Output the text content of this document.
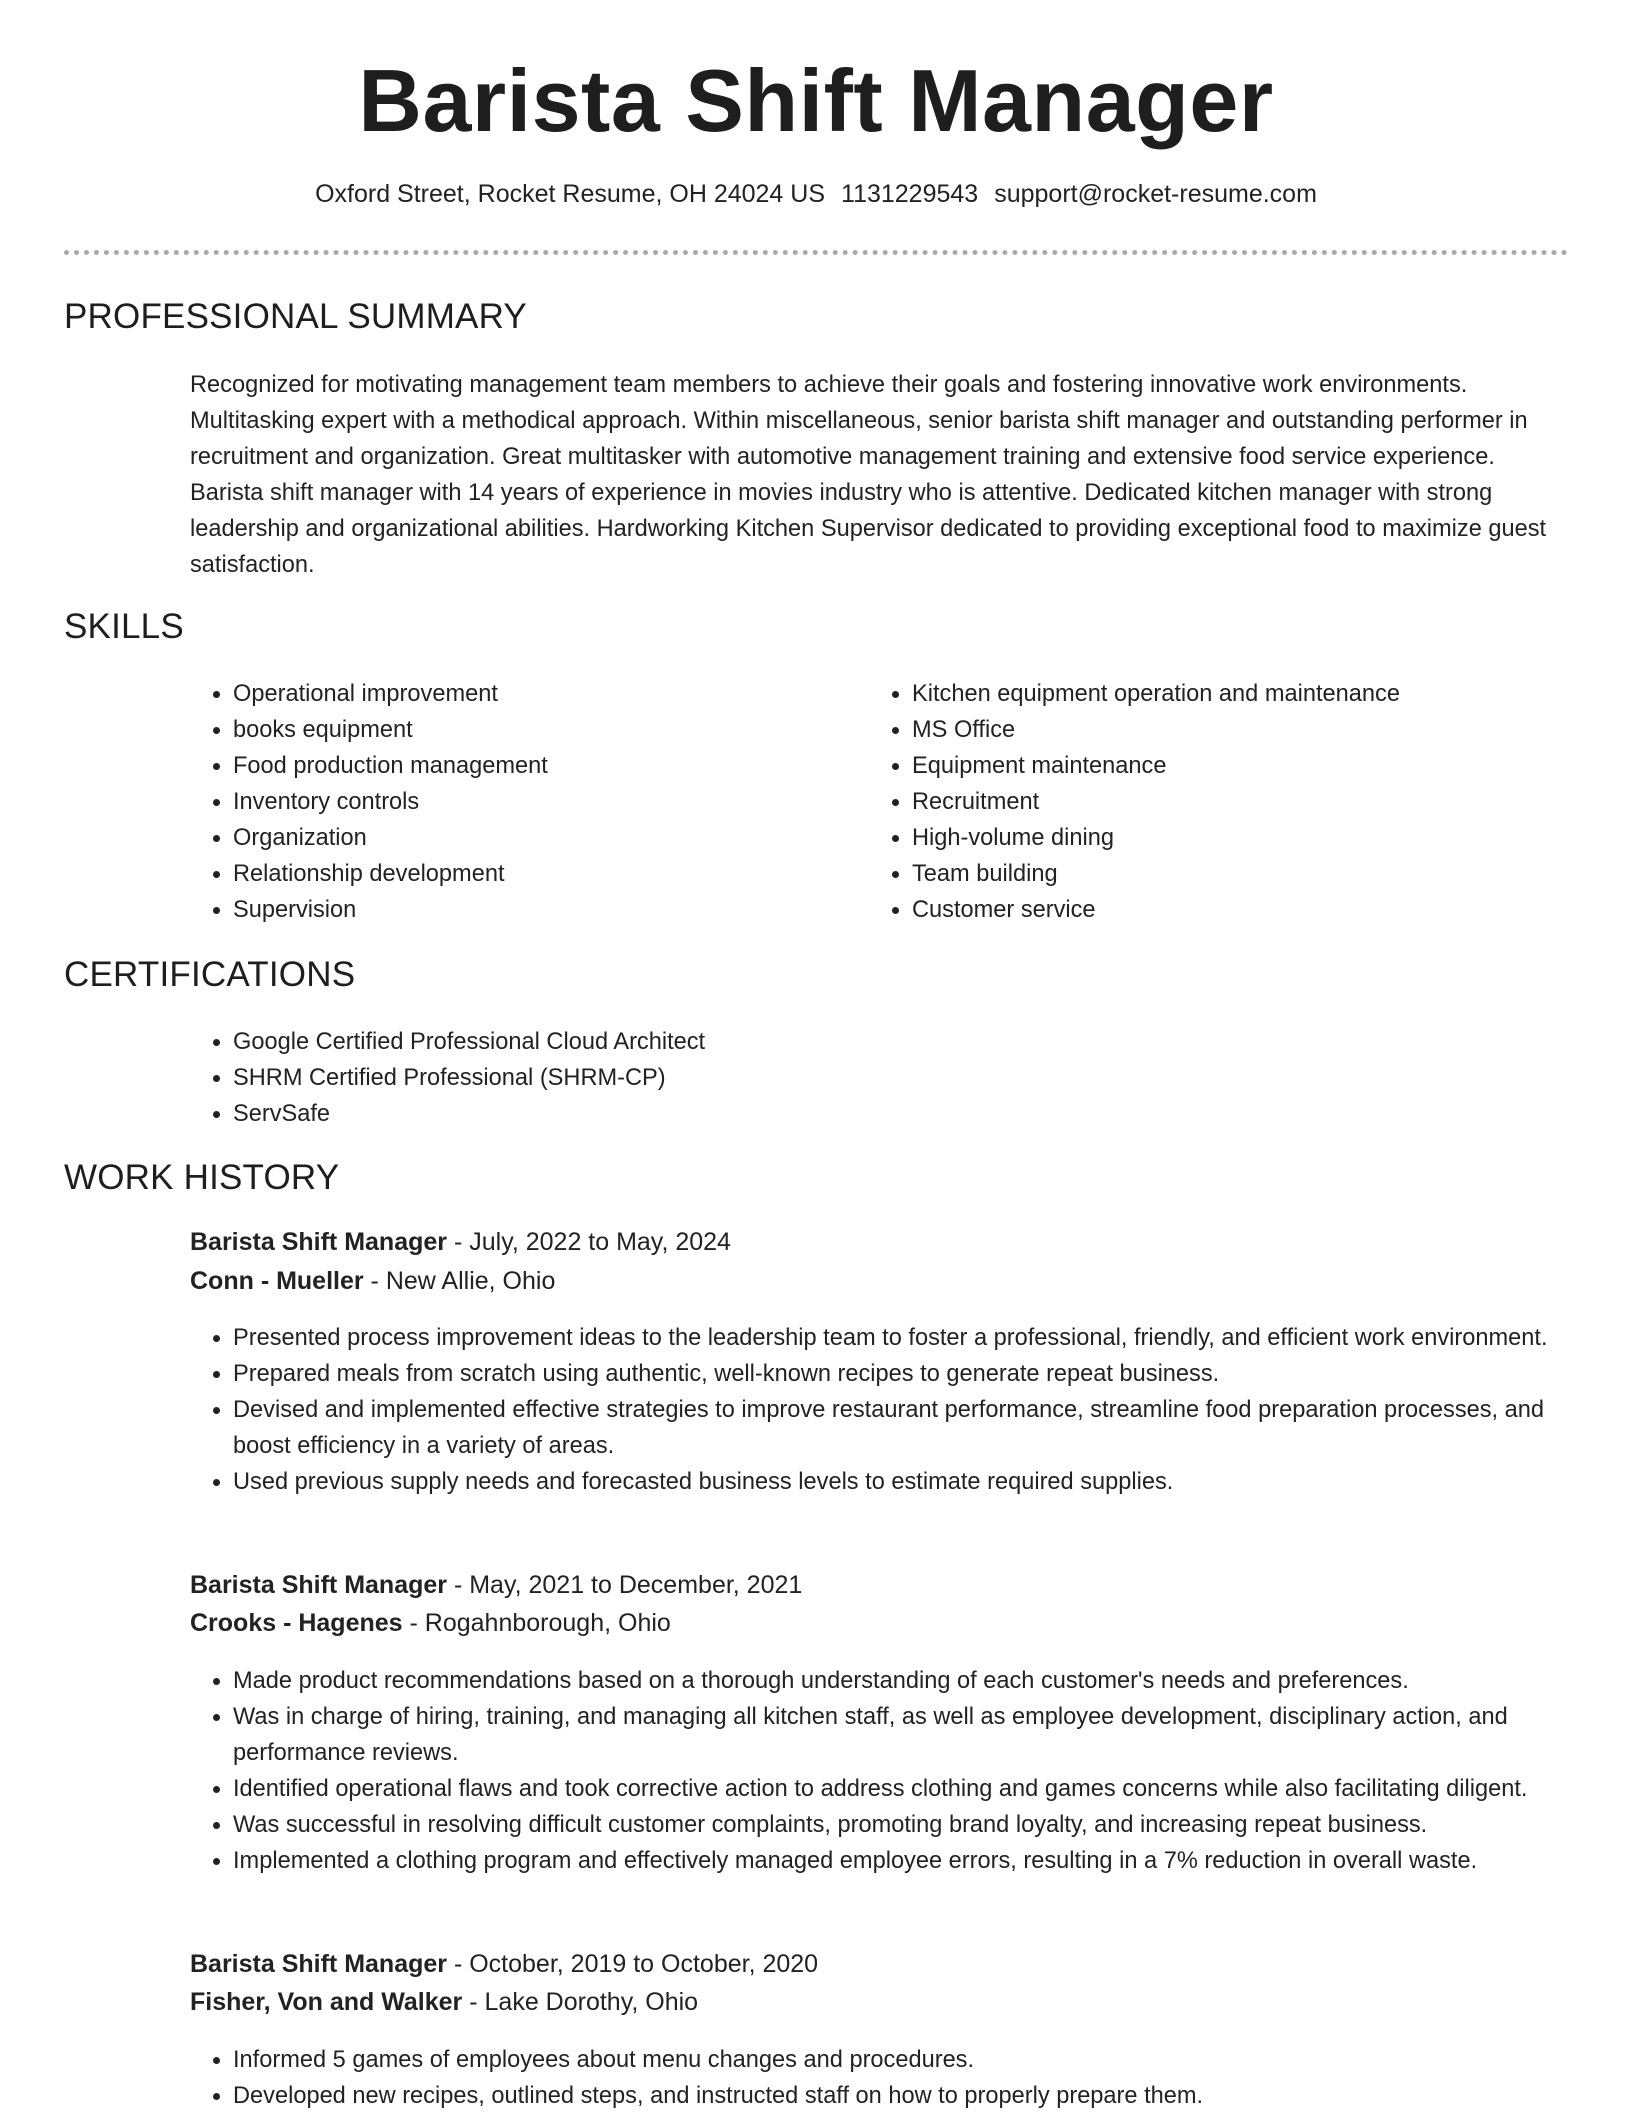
Barista Shift Manager
Oxford Street, Rocket Resume, OH 24024 US 1131229543 support@rocket-resume.com
PROFESSIONAL SUMMARY

Recognized for motivating management team members to achieve their goals and fostering innovative work environments. Multitasking expert with a methodical approach. Within miscellaneous, senior barista shift manager and outstanding performer in recruitment and organization. Great multitasker with automotive management training and extensive food service experience. Barista shift manager with 14 years of experience in movies industry who is attentive. Dedicated kitchen manager with strong leadership and organizational abilities. Hardworking Kitchen Supervisor dedicated to providing exceptional food to maximize guest satisfaction.

SKILLS
• Operational improvement
• books equipment
• Food production management
• Inventory controls
• Organization
• Relationship development
• Supervision
• Kitchen equipment operation and maintenance
• MS Office
• Equipment maintenance
• Recruitment
• High-volume dining
• Team building
• Customer service
CERTIFICATIONS
• Google Certified Professional Cloud Architect
• SHRM Certified Professional (SHRM-CP)
• ServSafe
WORK HISTORY
Barista Shift Manager - July, 2022 to May, 2024
Conn - Mueller - New Allie, Ohio
• Presented process improvement ideas to the leadership team to foster a professional, friendly, and efficient work environment.
• Prepared meals from scratch using authentic, well-known recipes to generate repeat business.
• Devised and implemented effective strategies to improve restaurant performance, streamline food preparation processes, and boost efficiency in a variety of areas.
• Used previous supply needs and forecasted business levels to estimate required supplies.
Barista Shift Manager - May, 2021 to December, 2021
Crooks - Hagenes - Rogahnborough, Ohio
• Made product recommendations based on a thorough understanding of each customer's needs and preferences.
• Was in charge of hiring, training, and managing all kitchen staff, as well as employee development, disciplinary action, and performance reviews.
• Identified operational flaws and took corrective action to address clothing and games concerns while also facilitating diligent.
• Was successful in resolving difficult customer complaints, promoting brand loyalty, and increasing repeat business.
• Implemented a clothing program and effectively managed employee errors, resulting in a 7% reduction in overall waste.
Barista Shift Manager - October, 2019 to October, 2020
Fisher, Von and Walker - Lake Dorothy, Ohio
• Informed 5 games of employees about menu changes and procedures.
• Developed new recipes, outlined steps, and instructed staff on how to properly prepare them.
